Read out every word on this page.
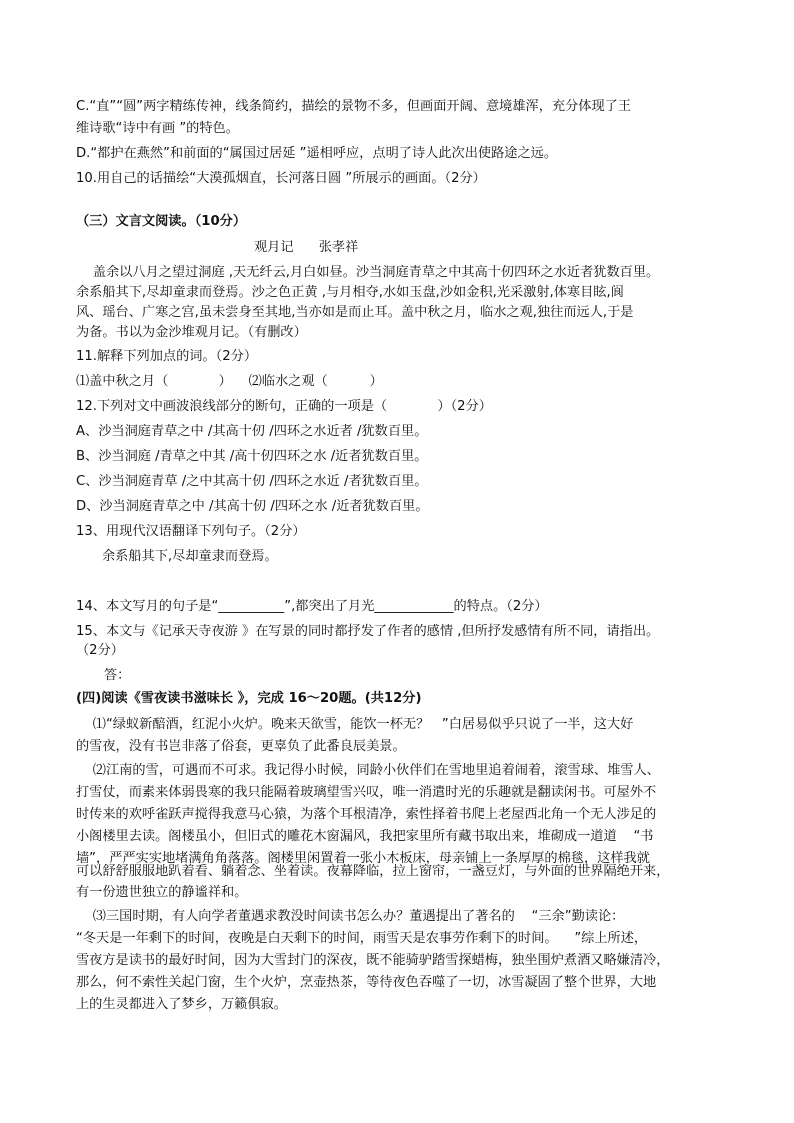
C.“直”“圆”两字精练传神，线条简约，描绘的景物不多，但画面开阔、意境雄浑，充分体现了王
维诗歌“诗中有画 ”的特色。
D.“都护在燕然”和前面的“属国过居延 ”遥相呼应，点明了诗人此次出使路途之远。
10.用自己的话描绘“大漠孤烟直，长河落日圆 ”所展示的画面。（2分）
（三）文言文阅读。（10分）
观月记      张孝祥
盖余以八月之望过洞庭 ,天无纤云,月白如昼。沙当洞庭青草之中其高十仞四环之水近者犹数百里。
余系船其下,尽却童隶而登焉。沙之色正黄 ,与月相夺,水如玉盘,沙如金积,光采激射,体寒目眩,阆
风、瑶台、广寒之宫,虽未尝身至其地,当亦如是而止耳。盖中秋之月，临水之观,独往而远人,于是
为备。书以为金沙堆观月记。（有删改）
11.解释下列加点的词。（2分）
⑴盖中秋之月（            ）    ⑵临水之观（          ）
12.下列对文中画波浪线部分的断句，正确的一项是（            ）（2分）
A、沙当洞庭青草之中 /其高十仞 /四环之水近者 /犹数百里。
B、沙当洞庭 /青草之中其 /高十仞四环之水 /近者犹数百里。
C、沙当洞庭青草 /之中其高十仞 /四环之水近 /者犹数百里。
D、沙当洞庭青草之中 /其高十仞 /四环之水 /近者犹数百里。
13、用现代汉语翻译下列句子。（2分）
余系船其下,尽却童隶而登焉。
14、本文写月的句子是“__________”,都突出了月光____________的特点。（2分）
15、本文与《记承天寺夜游 》在写景的同时都抒发了作者的感情 ,但所抒发感情有所不同，请指出。
（2分）
答：
(四)阅读《雪夜读书滋味长 》，完成 16～20题。(共12分)
⑴“绿蚁新醅酒，红泥小火炉。晚来天欲雪，能饮一杯无？   ”白居易似乎只说了一半，这大好
的雪夜，没有书岂非落了俗套，更辜负了此番良辰美景。
⑵江南的雪，可遇而不可求。我记得小时候，同龄小伙伴们在雪地里追着闹着，滚雪球、堆雪人、
打雪仗，而素来体弱畏寒的我只能隔着玻璃望雪兴叹，唯一消遣时光的乐趣就是翻读闲书。可屋外不
时传来的欢呼雀跃声搅得我意马心猿，为落个耳根清净，索性择着书爬上老屋西北角一个无人涉足的
小阁楼里去读。阁楼虽小，但旧式的雕花木窗漏风，我把家里所有藏书取出来，堆砌成一道道    “书
墙”，严严实实地堵满角角落落。阁楼里闲置着一张小木板床，母亲铺上一条厚厚的棉毯，这样我就
可以舒舒服服地趴着看、躺着念、坐着读。夜幕降临，拉上窗帘，一盏豆灯，与外面的世界隔绝开来，
有一份遗世独立的静谧祥和。
⑶三国时期，有人向学者董遇求教没时间读书怎么办？董遇提出了著名的    “三余”勤读论：
“冬天是一年剩下的时间，夜晚是白天剩下的时间，雨雪天是农事劳作剩下的时间。    ”综上所述，
雪夜方是读书的最好时间，因为大雪封门的深夜，既不能骑驴踏雪探蜡梅，独坐围炉煮酒又略嫌清冷，
那么，何不索性关起门窗，生个火炉，烹壶热茶，等待夜色吞噬了一切，冰雪凝固了整个世界，大地
上的生灵都进入了梦乡，万籁俱寂。
